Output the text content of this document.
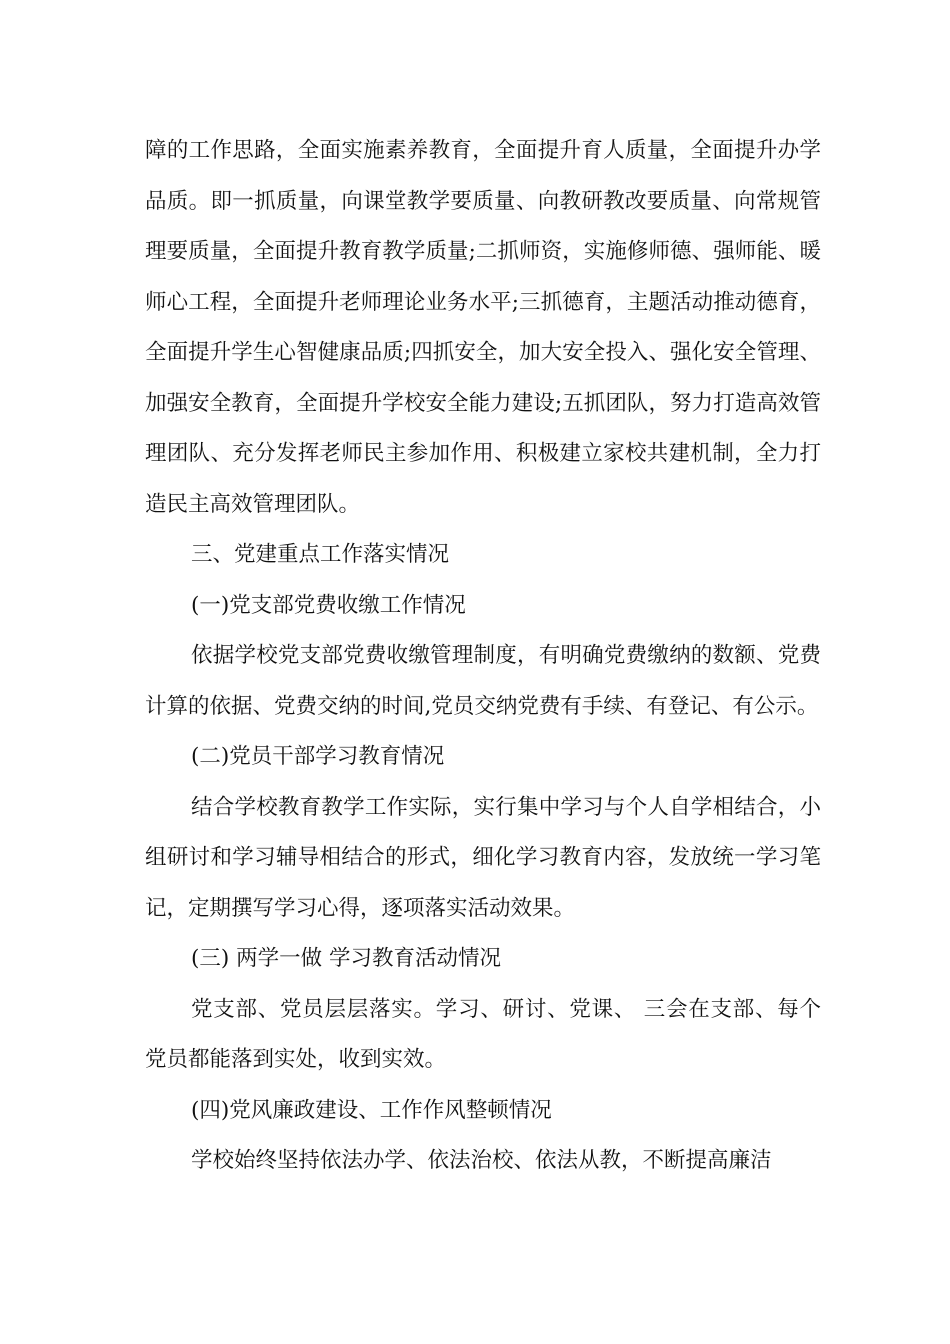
障的工作思路，全面实施素养教育，全面提升育人质量，全面提升办学品质。即一抓质量，向课堂教学要质量、向教研教改要质量、向常规管理要质量，全面提升教育教学质量;二抓师资，实施修师德、强师能、暖师心工程，全面提升老师理论业务水平;三抓德育，主题活动推动德育，全面提升学生心智健康品质;四抓安全，加大安全投入、强化安全管理、加强安全教育，全面提升学校安全能力建设;五抓团队，努力打造高效管理团队、充分发挥老师民主参加作用、积极建立家校共建机制，全力打造民主高效管理团队。

三、党建重点工作落实情况

(一)党支部党费收缴工作情况

依据学校党支部党费收缴管理制度，有明确党费缴纳的数额、党费计算的依据、党费交纳的时间,党员交纳党费有手续、有登记、有公示。

(二)党员干部学习教育情况

结合学校教育教学工作实际，实行集中学习与个人自学相结合，小组研讨和学习辅导相结合的形式，细化学习教育内容，发放统一学习笔记，定期撰写学习心得，逐项落实活动效果。

(三) 两学一做 学习教育活动情况

党支部、党员层层落实。学习、研讨、党课、 三会在支部、每个党员都能落到实处，收到实效。

(四)党风廉政建设、工作作风整顿情况

学校始终坚持依法办学、依法治校、依法从教，不断提高廉洁
